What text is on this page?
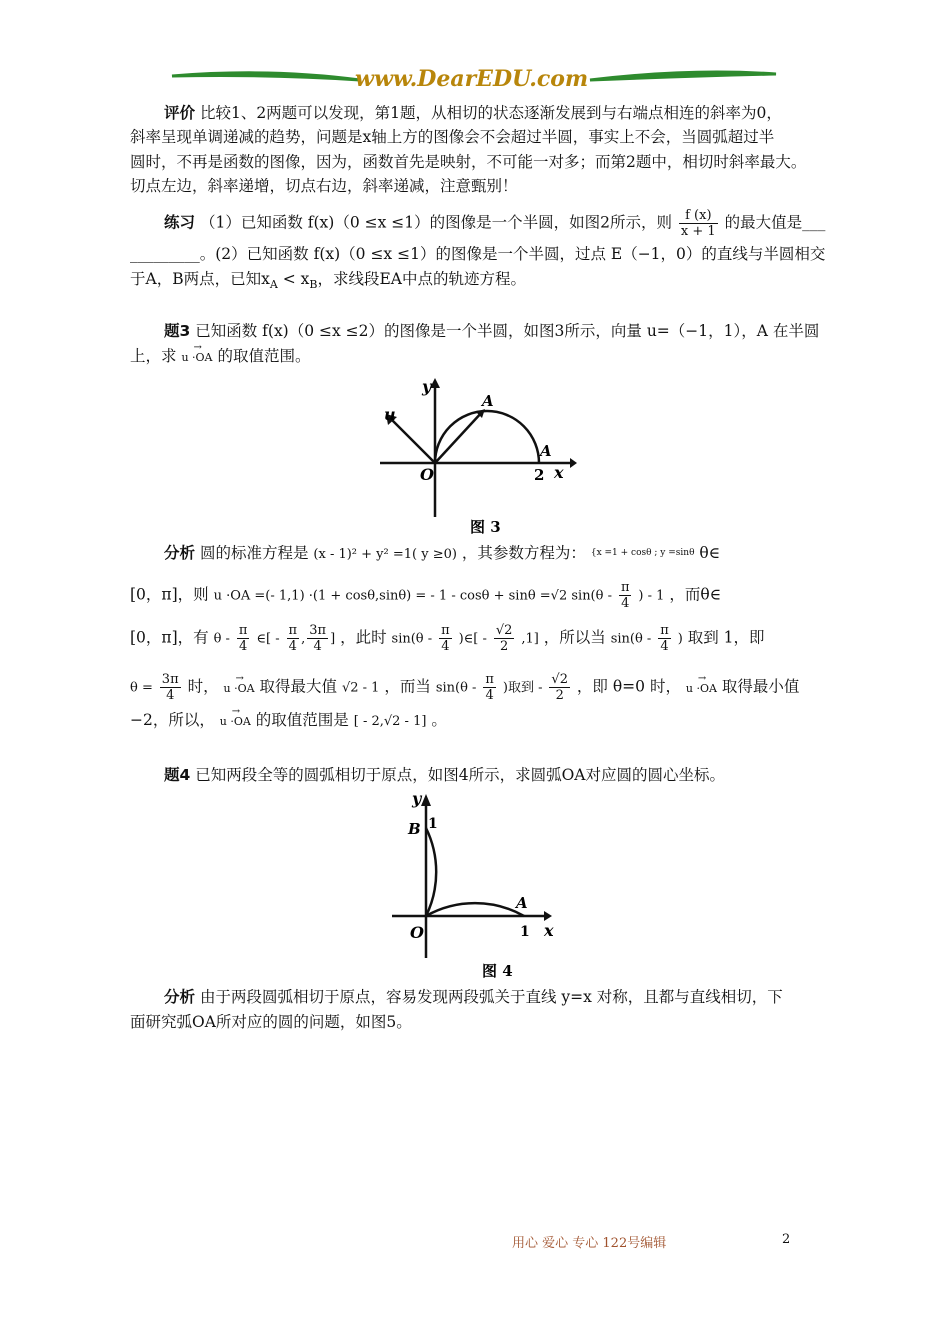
www.DearEDU.com
评价 比较1、2两题可以发现，第1题，从相切的状态逐渐发展到与右端点相连的斜率为0，
斜率呈现单调递减的趋势，问题是x轴上方的图像会不会超过半圆，事实上不会，当圆弧超过半
圆时，不再是函数的图像，因为，函数首先是映射，不可能一对多；而第2题中，相切时斜率最大。
切点左边，斜率递增，切点右边，斜率递减，注意甄别！
练习 （1）已知函数 f(x)（0 ≤x ≤1）的图像是一个半圆，如图2所示，则 $\frac{f (x)}{x + 1}$ 的最大值是___
_________。(2）已知函数 f(x)（0 ≤x ≤1）的图像是一个半圆，过点 E（−1，0）的直线与半圆相交
于A，B两点，已知$x_A < x_B$，求线段EA中点的轨迹方程。
题3 已知函数 f(x)（0 ≤x ≤2）的图像是一个半圆，如图3所示，向量 u=（−1，1），A 在半圆
上，求 → u ·OA 的取值范围。
y
x
O
u
A
A
2
图 3
分析 圆的标准方程是 (x - 1)² + y² =1( y ≥0) ，其参数方程为： $^{\{x =1 + cos\theta ; y =sin\theta}$ θ∈
[0，π]，则 u ·OA =(- 1,1) ·(1 + cosθ,sinθ) = - 1 - cosθ + sinθ =√2 $\sin(\theta - \frac{\pi}{4}$ ) - 1 ，而θ∈
[0，π]，有 θ - $\frac{\pi}{4}$ ∈[ - $\frac{\pi}{4}$ , $\frac{3\pi}{4}$ ] ，此时 $\sin(\theta - \frac{\pi}{4}$ )∈[ - $\frac{√2}{2} ,1$] ，所以当 $\sin(\theta - \frac{\pi}{4}$ ) 取到 1，即
$\theta = \frac{3\pi}{4}$ 时， → u ·OA 取得最大值 √2 - 1 ，而当 $\sin(\theta - \frac{\pi}{4}$ )取到 - $\frac{√2}{2}$ ，即 θ=0 时， → u ·OA 取得最小值
−2，所以， → u ·OA 的取值范围是 [ - 2,√2 - 1] 。
题4 已知两段全等的圆弧相切于原点，如图4所示，求圆弧OA对应圆的圆心坐标。
y
x
O
B 1
A
1
图 4
分析 由于两段圆弧相切于原点，容易发现两段弧关于直线 y=x 对称，且都与直线相切，下
面研究弧OA所对应的圆的问题，如图5。
用心 爱心 专心 122号编辑	2
